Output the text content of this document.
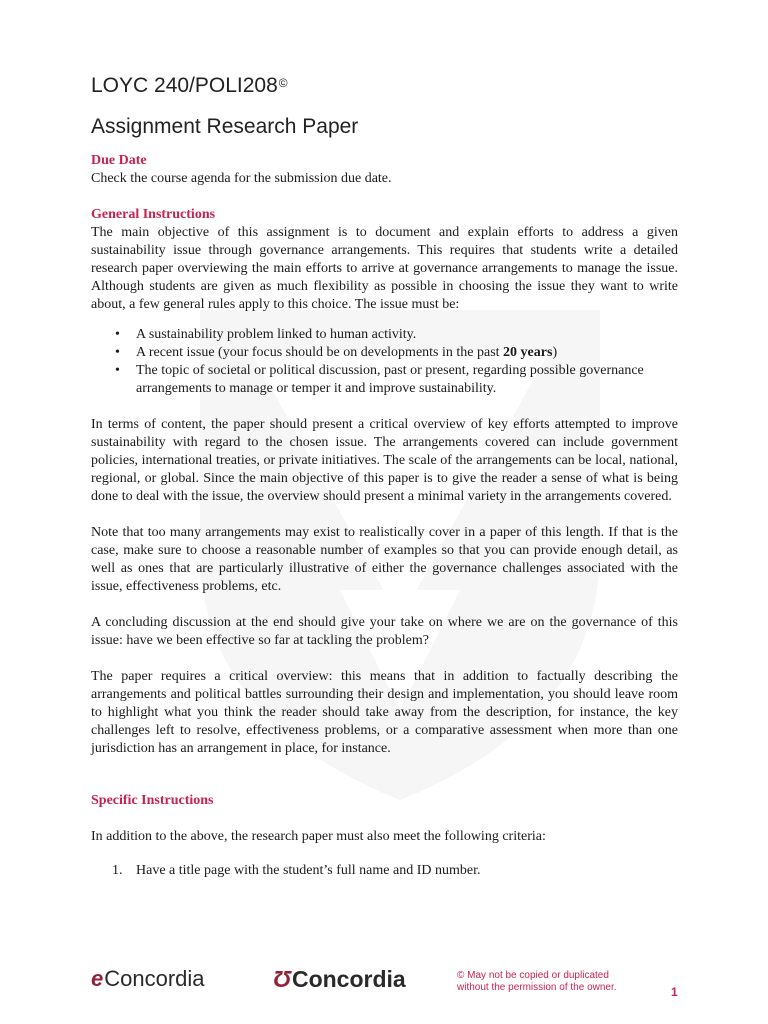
LOYC 240/POLI208©
Assignment Research Paper
Due Date

Check the course agenda for the submission due date.

General Instructions

The main objective of this assignment is to document and explain efforts to address a given sustainability issue through governance arrangements. This requires that students write a detailed research paper overviewing the main efforts to arrive at governance arrangements to manage the issue. Although students are given as much flexibility as possible in choosing the issue they want to write about, a few general rules apply to this choice. The issue must be:

• A sustainability problem linked to human activity.
• A recent issue (your focus should be on developments in the past 20 years)
• The topic of societal or political discussion, past or present, regarding possible governance arrangements to manage or temper it and improve sustainability.

In terms of content, the paper should present a critical overview of key efforts attempted to improve sustainability with regard to the chosen issue. The arrangements covered can include government policies, international treaties, or private initiatives. The scale of the arrangements can be local, national, regional, or global. Since the main objective of this paper is to give the reader a sense of what is being done to deal with the issue, the overview should present a minimal variety in the arrangements covered.

Note that too many arrangements may exist to realistically cover in a paper of this length. If that is the case, make sure to choose a reasonable number of examples so that you can provide enough detail, as well as ones that are particularly illustrative of either the governance challenges associated with the issue, effectiveness problems, etc.

A concluding discussion at the end should give your take on where we are on the governance of this issue: have we been effective so far at tackling the problem?

The paper requires a critical overview: this means that in addition to factually describing the arrangements and political battles surrounding their design and implementation, you should leave room to highlight what you think the reader should take away from the description, for instance, the key challenges left to resolve, effectiveness problems, or a comparative assessment when more than one jurisdiction has an arrangement in place, for instance.

Specific Instructions

In addition to the above, the research paper must also meet the following criteria:

1. Have a title page with the student’s full name and ID number.
e Concordia	Ʊ Concordia	© May not be copied or duplicated
without the permission of the owner.	1
